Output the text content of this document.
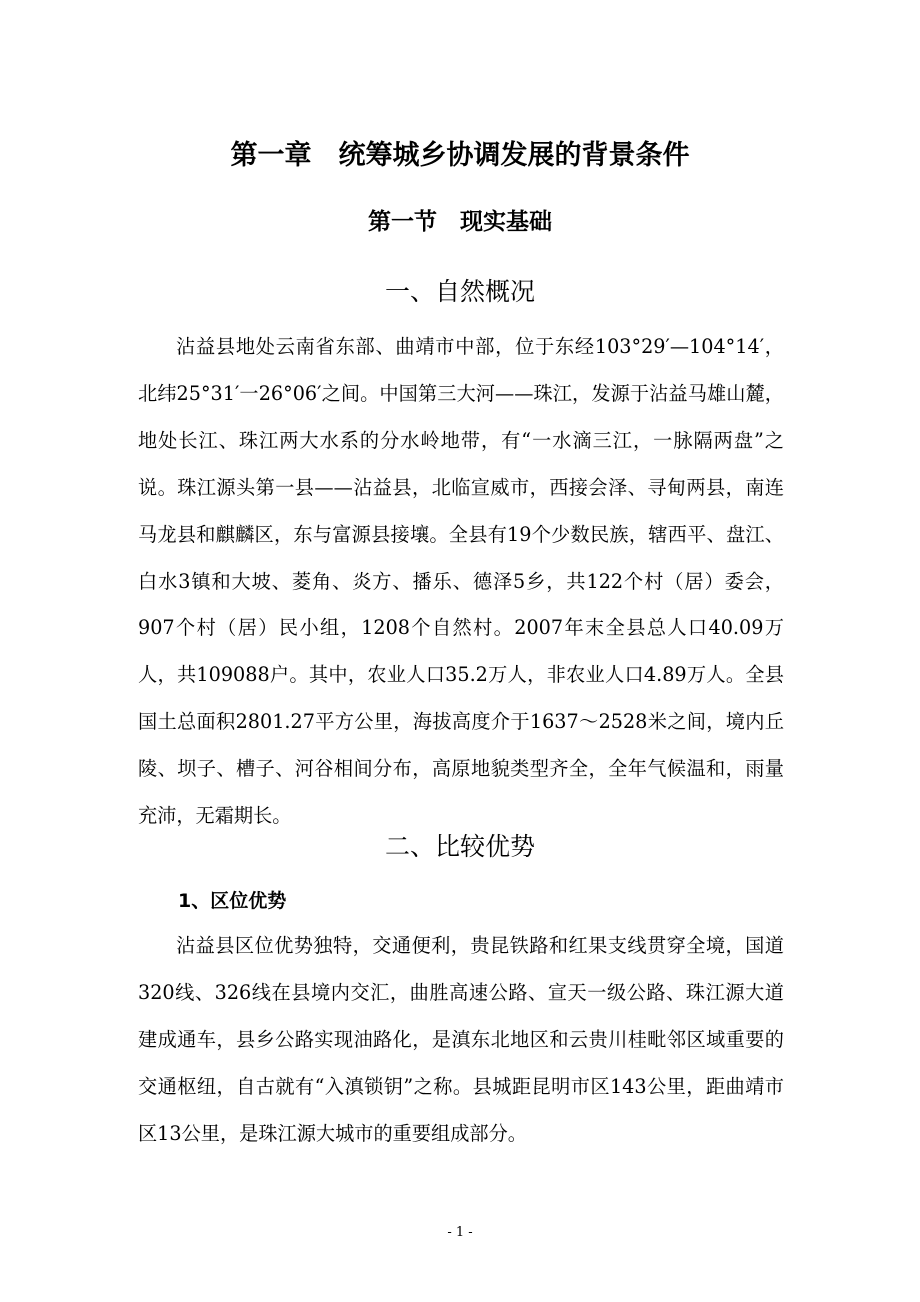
第一章　统筹城乡协调发展的背景条件
第一节　现实基础
一、自然概况

沾益县地处云南省东部、曲靖市中部，位于东经103°29′—104°14′，北纬25°31′一26°06′之间。中国第三大河——珠江，发源于沾益马雄山麓，地处长江、珠江两大水系的分水岭地带，有“一水滴三江，一脉隔两盘”之说。珠江源头第一县——沾益县，北临宣威市，西接会泽、寻甸两县，南连马龙县和麒麟区，东与富源县接壤。全县有19个少数民族，辖西平、盘江、白水3镇和大坡、菱角、炎方、播乐、德泽5乡，共122个村（居）委会，907个村（居）民小组，1208个自然村。2007年末全县总人口40.09万人，共109088户。其中，农业人口35.2万人，非农业人口4.89万人。全县国土总面积2801.27平方公里，海拔高度介于1637～2528米之间，境内丘陵、坝子、槽子、河谷相间分布，高原地貌类型齐全，全年气候温和，雨量充沛，无霜期长。

二、比较优势
1、区位优势

沾益县区位优势独特，交通便利，贵昆铁路和红果支线贯穿全境，国道320线、326线在县境内交汇，曲胜高速公路、宣天一级公路、珠江源大道建成通车，县乡公路实现油路化，是滇东北地区和云贵川桂毗邻区域重要的交通枢纽，自古就有“入滇锁钥”之称。县城距昆明市区143公里，距曲靖市区13公里，是珠江源大城市的重要组成部分。

- 1 -
